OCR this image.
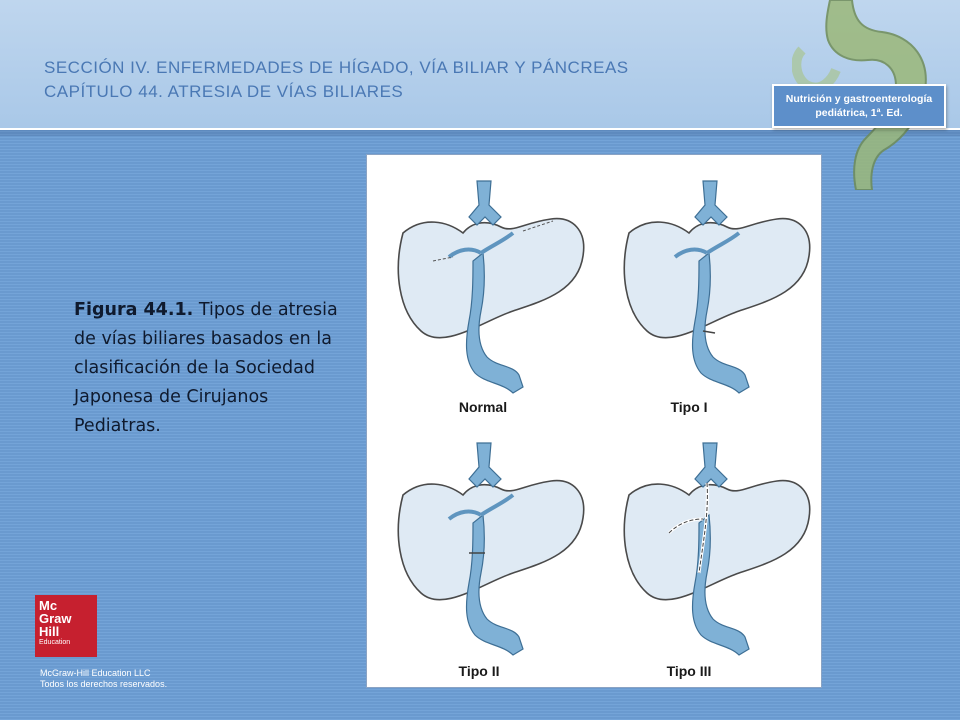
SECCIÓN IV. ENFERMEDADES DE HÍGADO, VÍA BILIAR Y PÁNCREAS
CAPÍTULO 44. ATRESIA DE VÍAS BILIARES	Nutrición y gastroenterología
pediátrica, 1ª. Ed.

Figura 44.1. Tipos de atresia de vías biliares basados en la clasificación de la Sociedad Japonesa de Cirujanos Pediatras.

Normal	Tipo I
Tipo II	Tipo III
Mc
Graw
Hill
Education
McGraw-Hill Education LLC
Todos los derechos reservados.
